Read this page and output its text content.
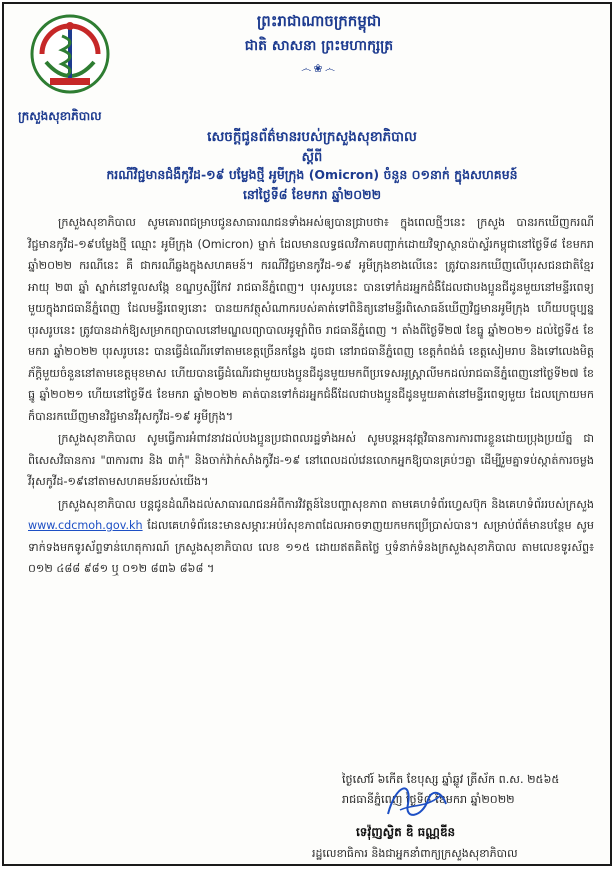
ព្រះរាជាណាចក្រកម្ពុជា
ជាតិ សាសនា ព្រះមហាក្សត្រ
෴❀෴
ក្រសួងសុខាភិបាល
សេចក្តីជូនព័ត៌មានរបស់ក្រសួងសុខាភិបាល
ស្តីពី
ករណីវិជ្ជមានជំងឺកូវីដ-១៩ បម្លែងថ្មី អូមីក្រុង (Omicron) ចំនួន ០១នាក់ ក្នុងសហគមន៍
នៅថ្ងៃទី៨ ខែមករា ឆ្នាំ២០២២

ក្រសួងសុខាភិបាល សូមគោរពជម្រាបជូនសាធារណជនទាំងអស់ឲ្យបានជ្រាបថា៖ ក្នុងពេលថ្មីៗនេះ ក្រសួង បានរកឃើញករណីវិជ្ជមានកូវីដ-១៩បម្លែងថ្មី ឈ្មោះ អូមីក្រុង (Omicron) ម្នាក់ ដែលមានលទ្ធផលវិភាគបញ្ជាក់ដោយវិទ្យាស្ថានប៉ាស្ទ័រកម្ពុជានៅថ្ងៃទី៨ ខែមករា ឆ្នាំ២០២២ ករណីនេះ គឺ ជាករណីឆ្លងក្នុងសហគមន៍។ ករណីវិជ្ជមានកូវីដ-១៩ អូមីក្រុងខាងលើនេះ ត្រូវបានរកឃើញលើបុរសជនជាតិខ្មែរ អាយុ ២៣ ឆ្នាំ ស្នាក់នៅទួលសង្កែ ខណ្ឌឫស្សីកែវ រាជធានីភ្នំពេញ។ បុរសរូបនេះ បានទៅកំដរអ្នកជំងឺដែលជាបងប្អូនជីដូនមួយនៅមន្ទីរពេទ្យមួយក្នុងរាជធានីភ្នំពេញ ដែលមន្ទីរពេទ្យនោះ បានយកវត្ថុសំណាករបស់គាត់ទៅពិនិត្យនៅមន្ទីរពិសោធន៍ឃើញវិជ្ជមានអូមីក្រុង ហើយបច្ចុប្បន្ន បុរសរូបនេះ ត្រូវបានដាក់ឱ្យសម្រាកព្យាបាលនៅមណ្ឌលព្យាបាលអូឡាំពិច រាជធានីភ្នំពេញ ។ តាំងពីថ្ងៃទី២៧ ខែធ្នូ ឆ្នាំ២០២១ ដល់ថ្ងៃទី៥ ខែមករា ឆ្នាំ២០២២ បុរសរូបនេះ បានធ្វើដំណើរទៅតាមខេត្តច្រើនកន្លែង ដូចជា នៅរាជធានីភ្នំពេញ ខេត្តកំពង់ធំ ខេត្តសៀមរាប និងទៅលេងមិត្តភ័ក្តិមួយចំនួននៅតាមខេត្តមុខមាស ហើយបានធ្វើដំណើរជាមួយបងប្អូនជីដូនមួយមកពីប្រទេសអូស្ត្រាលីមកដល់រាជធានីភ្នំពេញនៅថ្ងៃទី២៧ ខែធ្នូ ឆ្នាំ២០២១ ហើយនៅថ្ងៃទី៥ ខែមករា ឆ្នាំ២០២២ គាត់បានទៅកំដរអ្នកជំងឺដែលជាបងប្អូនជីដូនមួយគាត់នៅមន្ទីរពេទ្យមួយ ដែលក្រោយមកក៏បានរកឃើញមានវិជ្ជមានវីរុសកូវីដ-១៩ អូមីក្រុង។

ក្រសួងសុខាភិបាល សូមធ្វើការអំពាវនាវដល់បងប្អូនប្រជាពលរដ្ឋទាំងអស់ សូមបន្តអនុវត្តវិធានការការពារខ្លួនដោយប្រុងប្រយ័ត្ន ជាពិសេសវិធានការ "៣ការពារ និង ៣កុំ" និងចាក់វ៉ាក់សាំងកូវីដ-១៩ នៅពេលដល់វេនលោកអ្នកឱ្យបានគ្រប់ៗគ្នា ដើម្បីរួមគ្នាទប់ស្កាត់ការចម្លងវីរុសកូវីដ-១៩នៅតាមសហគមន៍របស់យើង។

ក្រសួងសុខាភិបាល បន្តជូនដំណឹងដល់សាធារណជនអំពីការវិវត្តន៍នៃបញ្ហាសុខភាព តាមគេហទំព័រហ្វេសប៊ុក និងគេហទំព័ររបស់ក្រសួង www.cdcmoh.gov.kh ដែលគេហទំព័រនេះមានសម្ភារៈអប់រំសុខភាពដែលអាចទាញយកមកប្រើប្រាស់បាន។ សម្រាប់ព័ត៌មានបន្ថែម សូមទាក់ទងមកទូរស័ព្ទទាន់ហេតុការណ៍ ក្រសួងសុខាភិបាល លេខ ១១៥ ដោយឥតគិតថ្លៃ ឬទំនាក់ទំនងក្រសួងសុខាភិបាល តាមលេខទូរស័ព្ទ៖ ០១២ ៤៨៨ ៩៨១ ឬ ០១២ ៨៣៦ ៨៦៨ ។

ថ្ងៃសៅរ៍ ៦កើត ខែបុស្ស ឆ្នាំឆ្លូវ ត្រីស័ក ព.ស. ២៥៦៥
រាជធានីភ្នំពេញ ថ្ងៃទី៨ ខែមករា ឆ្នាំ២០២២
ទេវ៉ុញស្លិត ឌិ ធណ្ណឌីន
រដ្ឋលេខាធិការ និងជាអ្នកនាំពាក្យក្រសួងសុខាភិបាល
